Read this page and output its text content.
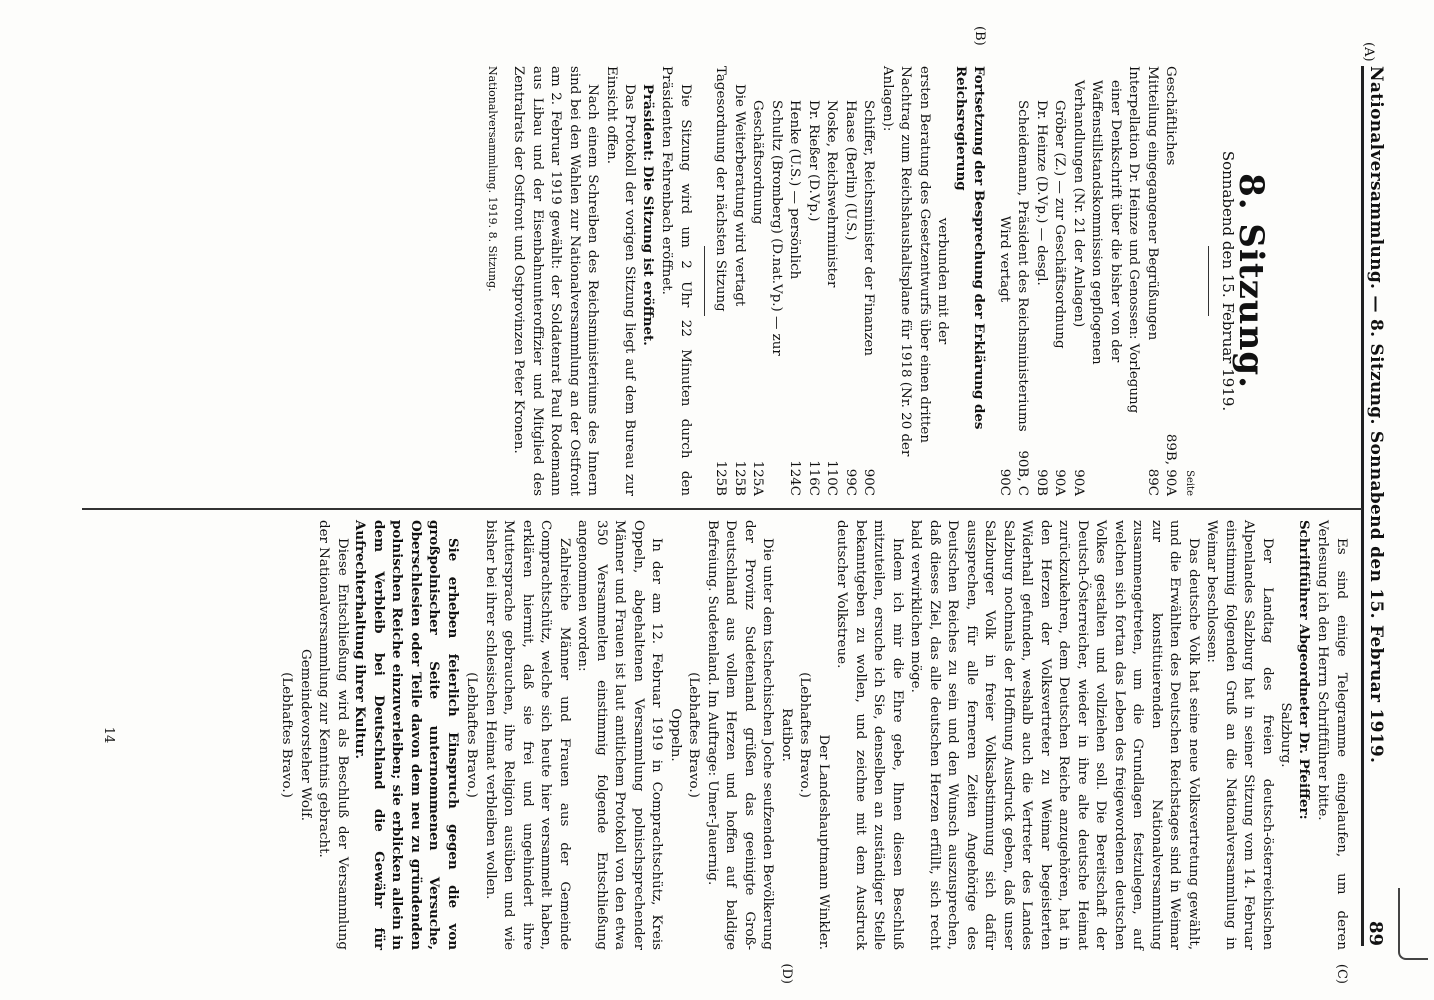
(A)
Nationalversammlung. — 8. Sitzung. Sonnabend den 15. Februar 1919.
89
8. Sitzung.
Sonnabend den 15. Februar 1919.
Seite
Geschäftliches
89B, 90A
Mitteilung eingegangener Begrüßungen
89C
Interpellation Dr. Heinze und Genossen: Vorlegung einer Denkschrift über die bisher von der Waffenstillstandskommission gepflogenen Verhandlungen (Nr. 21 der Anlagen)
90A
Gröber (Z.) — zur Geschäftsordnung
90A
Dr. Heinze (D.Vp.) — desgl.
90B
Scheidemann, Präsident des Reichsministeriums
90B, C
Wird vertagt
90C
(B)
Fortsetzung der Besprechung der Erklärung des Reichsregierung
verbunden mit der
ersten Beratung des Gesetzentwurfs über einen dritten Nachtrag zum Reichshaushaltsplane für 1918 (Nr. 20 der Anlagen):
Schiffer, Reichsminister der Finanzen
90C
Haase (Berlin) (U.S.)
99C
Noske, Reichswehrminister
110C
Dr. Rießer (D.Vp.)
116C
Henke (U.S.) — persönlich
124C
Schultz (Bromberg) (D.nat.Vp.) — zur Geschäftsordnung
125A
Die Weiterberatung wird vertagt
125B
Tagesordnung der nächsten Sitzung
125B

Die Sitzung wird um 2 Uhr 22 Minuten durch den Präsidenten Fehrenbach eröffnet.

Präsident: Die Sitzung ist eröffnet.

Das Protokoll der vorigen Sitzung liegt auf dem Bureau zur Einsicht offen.

Nach einem Schreiben des Reichsministeriums des Innern sind bei den Wahlen zur Nationalversammlung an der Ostfront am 2. Februar 1919 gewählt: der Soldatenrat Paul Rodemann aus Libau und der Eisenbahnunteroffizier und Mitglied des Zentralrats der Ostfront und Ostprovinzen Peter Kronen.

Nationalversammlung. 1919. 8. Sitzung.
(C)

Es sind einige Telegramme eingelaufen, um deren Verlesung ich den Herrn Schriftführer bitte.

Schriftführer Abgeordneter Dr. Pfeiffer:

Salzburg.

Der Landtag des freien deutsch-österreichischen Alpenlandes Salzburg hat in seiner Sitzung vom 14. Februar einstimmig folgenden Gruß an die Nationalversammlung in Weimar beschlossen:

Das deutsche Volk hat seine neue Volksvertretung gewählt, und die Erwählten des Deutschen Reichstages sind in Weimar zur konstituierenden Nationalversammlung zusammengetreten, um die Grundlagen festzulegen, auf welchen sich fortan das Leben des freigewordenen deutschen Volkes gestalten und vollziehen soll. Die Bereitschaft der Deutsch-Österreicher, wieder in ihre alte deutsche Heimat zurückzukehren, dem Deutschen Reiche anzugehören, hat in den Herzen der Volksvertreter zu Weimar begeisterten Widerhall gefunden, weshalb auch die Vertreter des Landes Salzburg nochmals der Hoffnung Ausdruck geben, daß unser Salzburger Volk in freier Volksabstimmung sich dafür aussprechen, für alle ferneren Zeiten Angehörige des Deutschen Reiches zu sein und den Wunsch auszusprechen, daß dieses Ziel, das alle deutschen Herzen erfüllt, sich recht bald verwirklichen möge.

Indem ich mir die Ehre gebe, Ihnen diesen Beschluß mitzuteilen, ersuche ich Sie, denselben an zuständiger Stelle bekanntgeben zu wollen, und zeichne mit dem Ausdruck deutscher Volkstreue.

Der Landeshauptmann Winkler.
(Lebhaftes Bravo.)
(D)
Ratibor.

Die unter dem tschechischen Joche seufzenden Bevölkerung der Provinz Sudetenland grüßen das geeinigte Groß-Deutschland aus vollem Herzen und hoffen auf baldige Befreiung. Sudetenland. Im Auftrage: Umer-Jauernig.

(Lebhaftes Bravo.)
Oppeln.

In der am 12. Februar 1919 in Comprachtschütz, Kreis Oppeln, abgehaltenen Versammlung polnischsprechender Männer und Frauen ist laut amtlichem Protokoll von den etwa 350 Versammelten einstimmig folgende Entschließung angenommen worden:

Zahlreiche Männer und Frauen aus der Gemeinde Comprachtschütz, welche sich heute hier versammelt haben, erklären hiermit, daß sie frei und ungehindert ihre Muttersprache gebrauchen, ihre Religion ausüben und wie bisher bei ihrer schlesischen Heimat verbleiben wollen.

(Lebhaftes Bravo.)

Sie erheben feierlich Einspruch gegen die von großpolnischer Seite unternommenen Versuche, Oberschlesien oder Teile davon dem neu zu gründenden polnischen Reiche einzuverleiben; sie erblicken allein in dem Verbleib bei Deutschland die Gewähr für Aufrechterhaltung ihrer Kultur.

Diese Entschließung wird als Beschluß der Versammlung der Nationalversammlung zur Kenntnis gebracht.

Gemeindevorsteher Wolf.
(Lebhaftes Bravo.)
14
